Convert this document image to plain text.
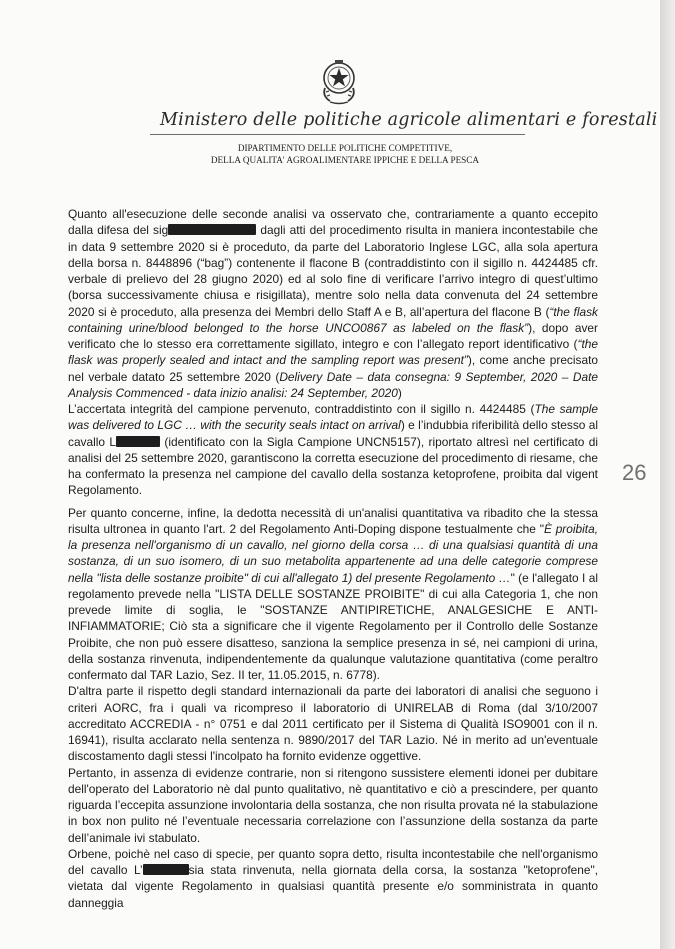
Ministero delle politiche agricole alimentari e forestali
DIPARTIMENTO DELLE POLITICHE COMPETITIVE,
DELLA QUALITA' AGROALIMENTARE IPPICHE E DELLA PESCA

Quanto all'esecuzione delle seconde analisi va osservato che, contrariamente a quanto eccepito dalla difesa del sig	dagli atti del procedimento risulta in maniera incontestabile che in data 9 settembre 2020 si è proceduto, da parte del Laboratorio Inglese LGC, alla sola apertura della borsa n. 8448896 (“bag”) contenente il flacone B (contraddistinto con il sigillo n. 4424485 cfr. verbale di prelievo del 28 giugno 2020) ed al solo fine di verificare l’arrivo integro di quest’ultimo (borsa successivamente chiusa e risigillata), mentre solo nella data convenuta del 24 settembre 2020 si è proceduto, alla presenza dei Membri dello Staff A e B, all’apertura del flacone B (“the flask containing urine/blood belonged to the horse UNCO0867 as labeled on the flask”), dopo aver verificato che lo stesso era correttamente sigillato, integro e con l’allegato report identificativo (“the flask was properly sealed and intact and the sampling report was present”), come anche precisato nel verbale datato 25 settembre 2020 (Delivery Date – data consegna: 9 September, 2020 – Date Analysis Commenced - data inizio analisi: 24 September, 2020)

L’accertata integrità del campione pervenuto, contraddistinto con il sigillo n. 4424485 (The sample was delivered to LGC … with the security seals intact on arrival) e l’indubbia riferibilità dello stesso al cavallo L	(identificato con la Sigla Campione UNCN5157), riportato altresì nel certificato di analisi del 25 settembre 2020, garantiscono la corretta esecuzione del procedimento di riesame, che ha confermato la presenza nel campione del cavallo della sostanza ketoprofene, proibita dal vigent Regolamento.

Per quanto concerne, infine, la dedotta necessità di un'analisi quantitativa va ribadito che la stessa risulta ultronea in quanto l'art. 2 del Regolamento Anti-Doping dispone testualmente che "È proibita, la presenza nell'organismo di un cavallo, nel giorno della corsa … di una qualsiasi quantità di una sostanza, di un suo isomero, di un suo metabolita appartenente ad una delle categorie comprese nella "lista delle sostanze proibite" di cui all'allegato 1) del presente Regolamento …" (e l'allegato I al regolamento prevede nella "LISTA DELLE SOSTANZE PROIBITE" di cui alla Categoria 1, che non prevede limite di soglia, le "SOSTANZE ANTIPIRETICHE, ANALGESICHE E ANTI-INFIAMMATORIE; Ciò sta a significare che il vigente Regolamento per il Controllo delle Sostanze Proibite, che non può essere disatteso, sanziona la semplice presenza in sé, nei campioni di urina, della sostanza rinvenuta, indipendentemente da qualunque valutazione quantitativa (come peraltro confermato dal TAR Lazio, Sez. II ter, 11.05.2015, n. 6778).

D'altra parte il rispetto degli standard internazionali da parte dei laboratori di analisi che seguono i criteri AORC, fra i quali va ricompreso il laboratorio di UNIRELAB di Roma (dal 3/10/2007 accreditato ACCREDIA - n° 0751 e dal 2011 certificato per il Sistema di Qualità ISO9001 con il n. 16941), risulta acclarato nella sentenza n. 9890/2017 del TAR Lazio. Né in merito ad un'eventuale discostamento dagli stessi l'incolpato ha fornito evidenze oggettive.

Pertanto, in assenza di evidenze contrarie, non si ritengono sussistere elementi idonei per dubitare dell'operato del Laboratorio nè dal punto qualitativo, nè quantitativo e ciò a prescindere, per quanto riguarda l’eccepita assunzione involontaria della sostanza, che non risulta provata né la stabulazione in box non pulito né l’eventuale necessaria correlazione con l’assunzione della sostanza da parte dell’animale ivi stabulato.

Orbene, poichè nel caso di specie, per quanto sopra detto, risulta incontestabile che nell'organismo del cavallo L’	sia stata rinvenuta, nella giornata della corsa, la sostanza "ketoprofene", vietata dal vigente Regolamento in qualsiasi quantità presente e/o somministrata in quanto danneggia

26
